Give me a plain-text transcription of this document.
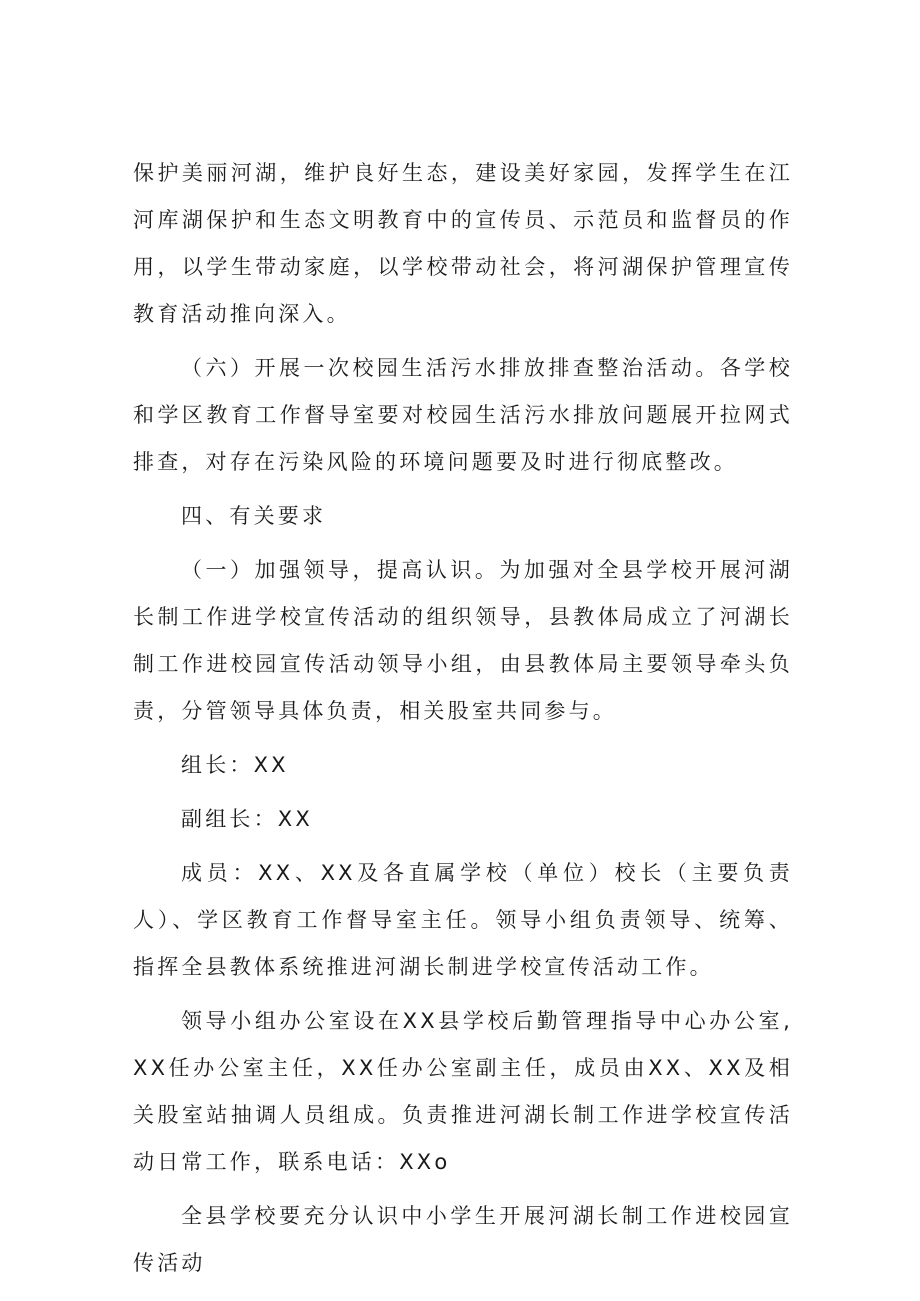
保护美丽河湖，维护良好生态，建设美好家园，发挥学生在江河库湖保护和生态文明教育中的宣传员、示范员和监督员的作用，以学生带动家庭，以学校带动社会，将河湖保护管理宣传教育活动推向深入。

（六）开展一次校园生活污水排放排查整治活动。各学校和学区教育工作督导室要对校园生活污水排放问题展开拉网式排查，对存在污染风险的环境问题要及时进行彻底整改。

四、有关要求

（一）加强领导，提高认识。为加强对全县学校开展河湖长制工作进学校宣传活动的组织领导，县教体局成立了河湖长制工作进校园宣传活动领导小组，由县教体局主要领导牵头负责，分管领导具体负责，相关股室共同参与。

组长：XX

副组长：XX

成员：XX、XX及各直属学校（单位）校长（主要负责人）、学区教育工作督导室主任。领导小组负责领导、统筹、指挥全县教体系统推进河湖长制进学校宣传活动工作。

领导小组办公室设在XX县学校后勤管理指导中心办公室,XX任办公室主任，XX任办公室副主任，成员由XX、XX及相关股室站抽调人员组成。负责推进河湖长制工作进学校宣传活动日常工作，联系电话：XXo

全县学校要充分认识中小学生开展河湖长制工作进校园宣传活动
